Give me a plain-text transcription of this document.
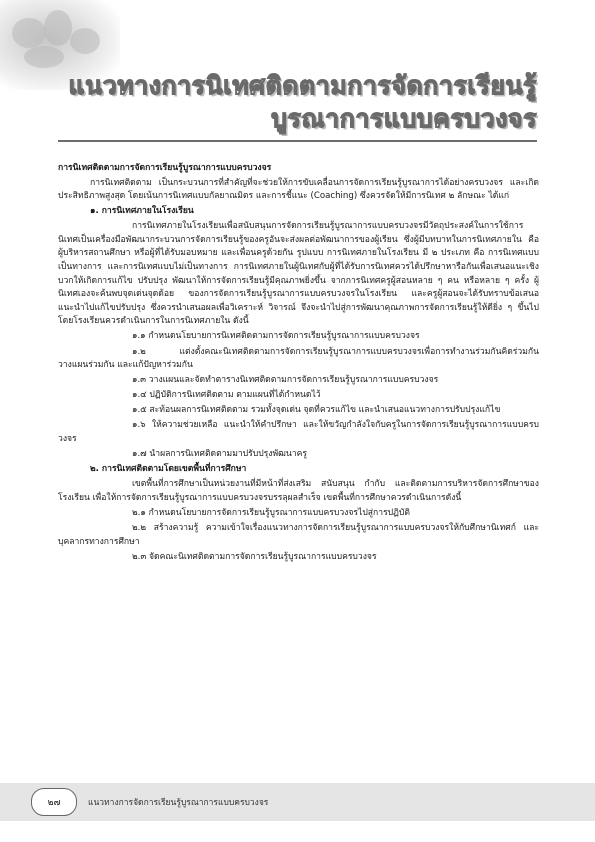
แนวทางการนิเทศติดตามการจัดการเรียนรู้
บูรณาการแบบครบวงจร

การนิเทศติดตามการจัดการเรียนรู้บูรณาการแบบครบวงจร

การนิเทศติดตาม เป็นกระบวนการที่สำคัญที่จะช่วยให้การขับเคลื่อนการจัดการเรียนรู้บูรณาการได้อย่างครบวงจร และเกิดประสิทธิภาพสูงสุด โดยเน้นการนิเทศแบบกัลยาณมิตร และการชี้แนะ (Coaching) ซึ่งควรจัดให้มีการนิเทศ ๒ ลักษณะ ได้แก่

๑. การนิเทศภายในโรงเรียน

การนิเทศภายในโรงเรียนเพื่อสนับสนุนการจัดการเรียนรู้บูรณาการแบบครบวงจรมีวัตถุประสงค์ในการใช้การนิเทศเป็นเครื่องมือพัฒนากระบวนการจัดการเรียนรู้ของครูอันจะส่งผลต่อพัฒนาการของผู้เรียน ซึ่งผู้มีบทบาทในการนิเทศภายใน คือ ผู้บริหารสถานศึกษา หรือผู้ที่ได้รับมอบหมาย และเพื่อนครูด้วยกัน รูปแบบ การนิเทศภายในโรงเรียน มี ๒ ประเภท คือ การนิเทศแบบเป็นทางการ และการนิเทศแบบไม่เป็นทางการ การนิเทศภายในผู้นิเทศกับผู้ที่ได้รับการนิเทศควรได้ปรึกษาหารือกันเพื่อเสนอแนะเชิงบวกให้เกิดการแก้ไข ปรับปรุง พัฒนาให้การจัดการเรียนรู้มีคุณภาพยิ่งขึ้น จากการนิเทศครูผู้สอนหลาย ๆ คน หรือหลาย ๆ ครั้ง ผู้นิเทศเองจะค้นพบจุดเด่นจุดด้อย ของการจัดการเรียนรู้บูรณาการแบบครบวงจรในโรงเรียน และครูผู้สอนจะได้รับทราบข้อเสนอแนะนำไปแก้ไขปรับปรุง ซึ่งควรนำเสนอผลเพื่อวิเคราะห์ วิจารณ์ จึงจะนำไปสู่การพัฒนาคุณภาพการจัดการเรียนรู้ให้ดียิ่ง ๆ ขึ้นไป โดยโรงเรียนควรดำเนินการในการนิเทศภายใน ดังนี้

๑.๑ กำหนดนโยบายการนิเทศติดตามการจัดการเรียนรู้บูรณาการแบบครบวงจร

๑.๒ แต่งตั้งคณะนิเทศติดตามการจัดการเรียนรู้บูรณาการแบบครบวงจรเพื่อการทำงานร่วมกันคิดร่วมกัน วางแผนร่วมกัน และแก้ปัญหาร่วมกัน

๑.๓ วางแผนและจัดทำตารางนิเทศติดตามการจัดการเรียนรู้บูรณาการแบบครบวงจร

๑.๔ ปฏิบัติการนิเทศติดตาม ตามแผนที่ได้กำหนดไว้

๑.๕ สะท้อนผลการนิเทศติดตาม รวมทั้งจุดเด่น จุดที่ควรแก้ไข และนำเสนอแนวทางการปรับปรุงแก้ไข

๑.๖ ให้ความช่วยเหลือ แนะนำให้คำปรึกษา และให้ขวัญกำลังใจกับครูในการจัดการเรียนรู้บูรณาการแบบครบวงจร

๑.๗ นำผลการนิเทศติดตามมาปรับปรุงพัฒนาครู

๒. การนิเทศติดตามโดยเขตพื้นที่การศึกษา

เขตพื้นที่การศึกษาเป็นหน่วยงานที่มีหน้าที่ส่งเสริม สนับสนุน กำกับ และติดตามการบริหารจัดการศึกษาของโรงเรียน เพื่อให้การจัดการเรียนรู้บูรณาการแบบครบวงจรบรรลุผลสำเร็จ เขตพื้นที่การศึกษาควรดำเนินการดังนี้

๒.๑ กำหนดนโยบายการจัดการเรียนรู้บูรณาการแบบครบวงจรไปสู่การปฏิบัติ

๒.๒ สร้างความรู้ ความเข้าใจเรื่องแนวทางการจัดการเรียนรู้บูรณาการแบบครบวงจรให้กับศึกษานิเทศก์ และบุคลากรทางการศึกษา

๒.๓ จัดคณะนิเทศติดตามการจัดการเรียนรู้บูรณาการแบบครบวงจร

๒๗	แนวทางการจัดการเรียนรู้บูรณาการแบบครบวงจร
